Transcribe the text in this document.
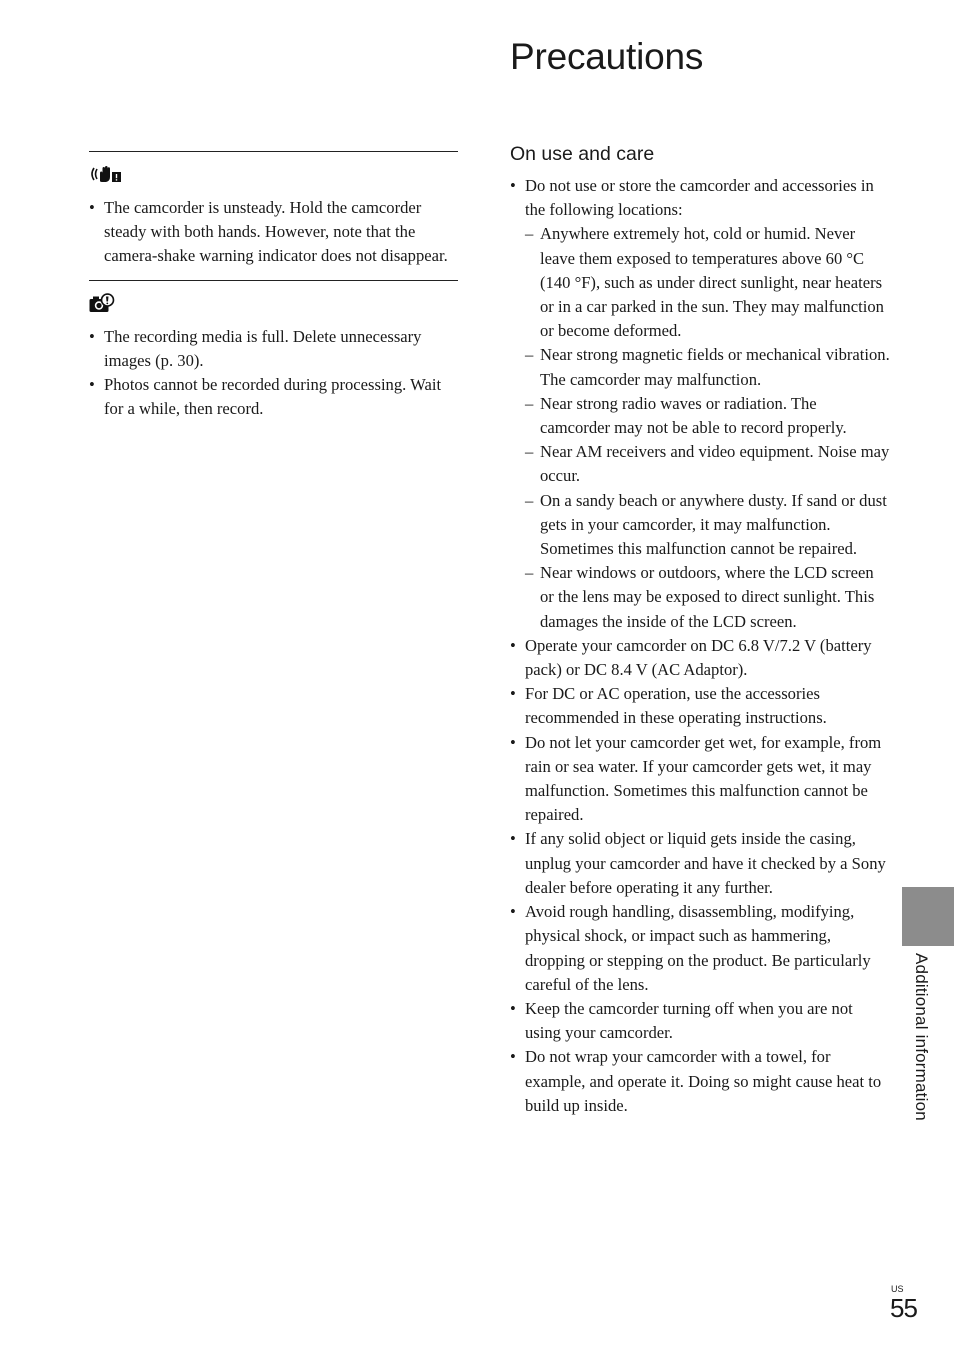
Precautions
• The camcorder is unsteady. Hold the camcorder steady with both hands. However, note that the camera-shake warning indicator does not disappear.
• The recording media is full. Delete unnecessary images (p. 30).
• Photos cannot be recorded during processing. Wait for a while, then record.
On use and care
• Do not use or store the camcorder and accessories in the following locations:
– Anywhere extremely hot, cold or humid. Never leave them exposed to temperatures above 60 °C (140 °F), such as under direct sunlight, near heaters or in a car parked in the sun. They may malfunction or become deformed.
– Near strong magnetic fields or mechanical vibration. The camcorder may malfunction.
– Near strong radio waves or radiation. The camcorder may not be able to record properly.
– Near AM receivers and video equipment. Noise may occur.
– On a sandy beach or anywhere dusty. If sand or dust gets in your camcorder, it may malfunction. Sometimes this malfunction cannot be repaired.
– Near windows or outdoors, where the LCD screen or the lens may be exposed to direct sunlight. This damages the inside of the LCD screen.
• Operate your camcorder on DC 6.8 V/7.2 V (battery pack) or DC 8.4 V (AC Adaptor).
• For DC or AC operation, use the accessories recommended in these operating instructions.
• Do not let your camcorder get wet, for example, from rain or sea water. If your camcorder gets wet, it may malfunction. Sometimes this malfunction cannot be repaired.
• If any solid object or liquid gets inside the casing, unplug your camcorder and have it checked by a Sony dealer before operating it any further.
• Avoid rough handling, disassembling, modifying, physical shock, or impact such as hammering, dropping or stepping on the product. Be particularly careful of the lens.
• Keep the camcorder turning off when you are not using your camcorder.
• Do not wrap your camcorder with a towel, for example, and operate it. Doing so might cause heat to build up inside.	Additional information
US
55
